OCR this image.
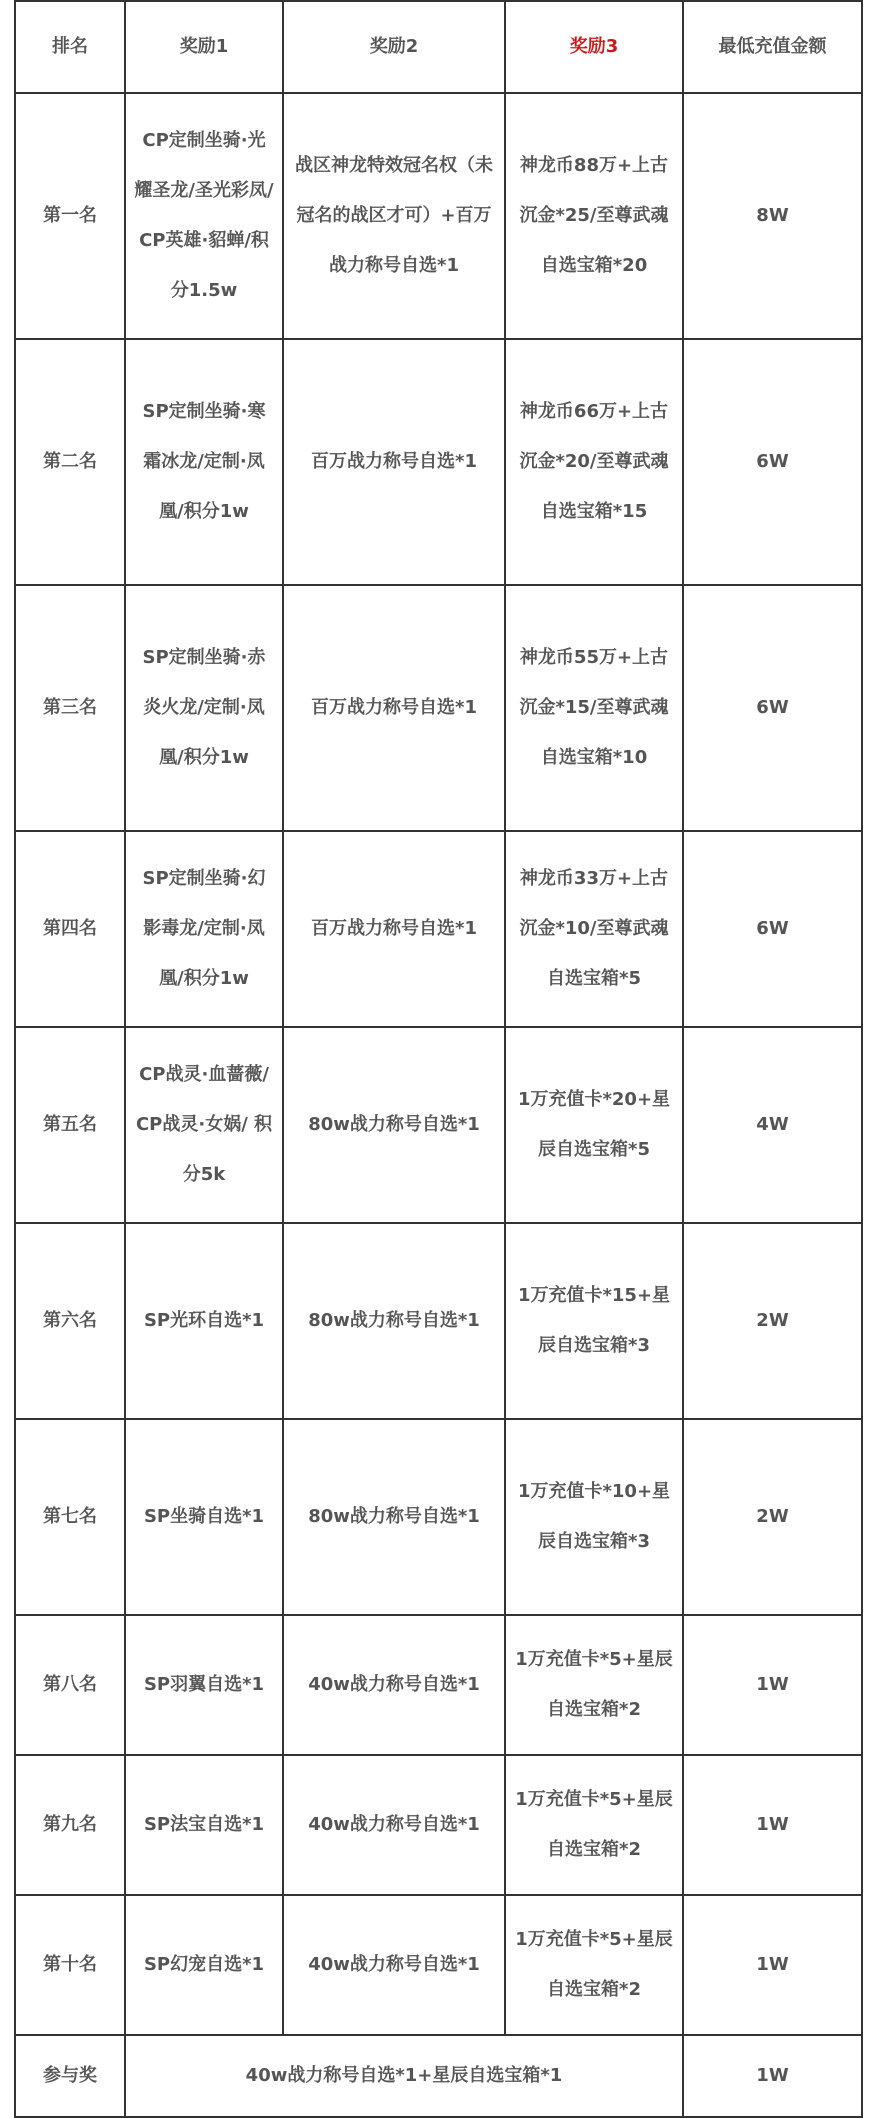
排名	奖励1	奖励2	奖励3	最低充值金额
第一名	CP定制坐骑·光耀圣龙/圣光彩凤/CP英雄·貂蝉/积分1.5w	战区神龙特效冠名权（未冠名的战区才可）+百万战力称号自选*1	神龙币88万+上古沉金*25/至尊武魂自选宝箱*20	8W
第二名	SP定制坐骑·寒霜冰龙/定制·凤凰/积分1w	百万战力称号自选*1	神龙币66万+上古沉金*20/至尊武魂自选宝箱*15	6W
第三名	SP定制坐骑·赤炎火龙/定制·凤凰/积分1w	百万战力称号自选*1	神龙币55万+上古沉金*15/至尊武魂自选宝箱*10	6W
第四名	SP定制坐骑·幻影毒龙/定制·凤凰/积分1w	百万战力称号自选*1	神龙币33万+上古沉金*10/至尊武魂自选宝箱*5	6W
第五名	CP战灵·血蔷薇/CP战灵·女娲/ 积分5k	80w战力称号自选*1	1万充值卡*20+星辰自选宝箱*5	4W
第六名	SP光环自选*1	80w战力称号自选*1	1万充值卡*15+星辰自选宝箱*3	2W
第七名	SP坐骑自选*1	80w战力称号自选*1	1万充值卡*10+星辰自选宝箱*3	2W
第八名	SP羽翼自选*1	40w战力称号自选*1	1万充值卡*5+星辰自选宝箱*2	1W
第九名	SP法宝自选*1	40w战力称号自选*1	1万充值卡*5+星辰自选宝箱*2	1W
第十名	SP幻宠自选*1	40w战力称号自选*1	1万充值卡*5+星辰自选宝箱*2	1W
参与奖	40w战力称号自选*1+星辰自选宝箱*1			1W
